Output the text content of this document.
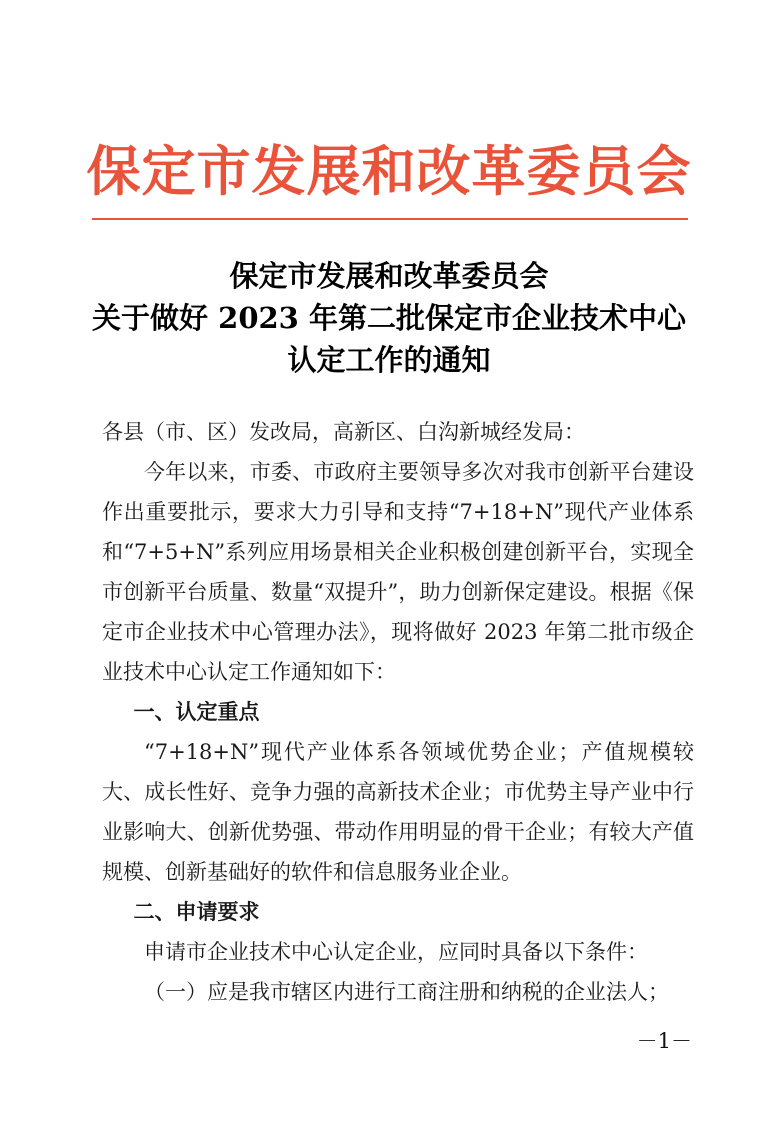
保定市发展和改革委员会
保定市发展和改革委员会
关于做好 2023 年第二批保定市企业技术中心
认定工作的通知

各县（市、区）发改局，高新区、白沟新城经发局：

今年以来，市委、市政府主要领导多次对我市创新平台建设作出重要批示，要求大力引导和支持“7+18+N”现代产业体系和“7+5+N”系列应用场景相关企业积极创建创新平台，实现全市创新平台质量、数量“双提升”，助力创新保定建设。根据《保定市企业技术中心管理办法》，现将做好 2023 年第二批市级企业技术中心认定工作通知如下：

一、认定重点

“7+18+N”现代产业体系各领域优势企业；产值规模较大、成长性好、竞争力强的高新技术企业；市优势主导产业中行业影响大、创新优势强、带动作用明显的骨干企业；有较大产值规模、创新基础好的软件和信息服务业企业。

二、申请要求

申请市企业技术中心认定企业，应同时具备以下条件：

（一）应是我市辖区内进行工商注册和纳税的企业法人；

－1－
